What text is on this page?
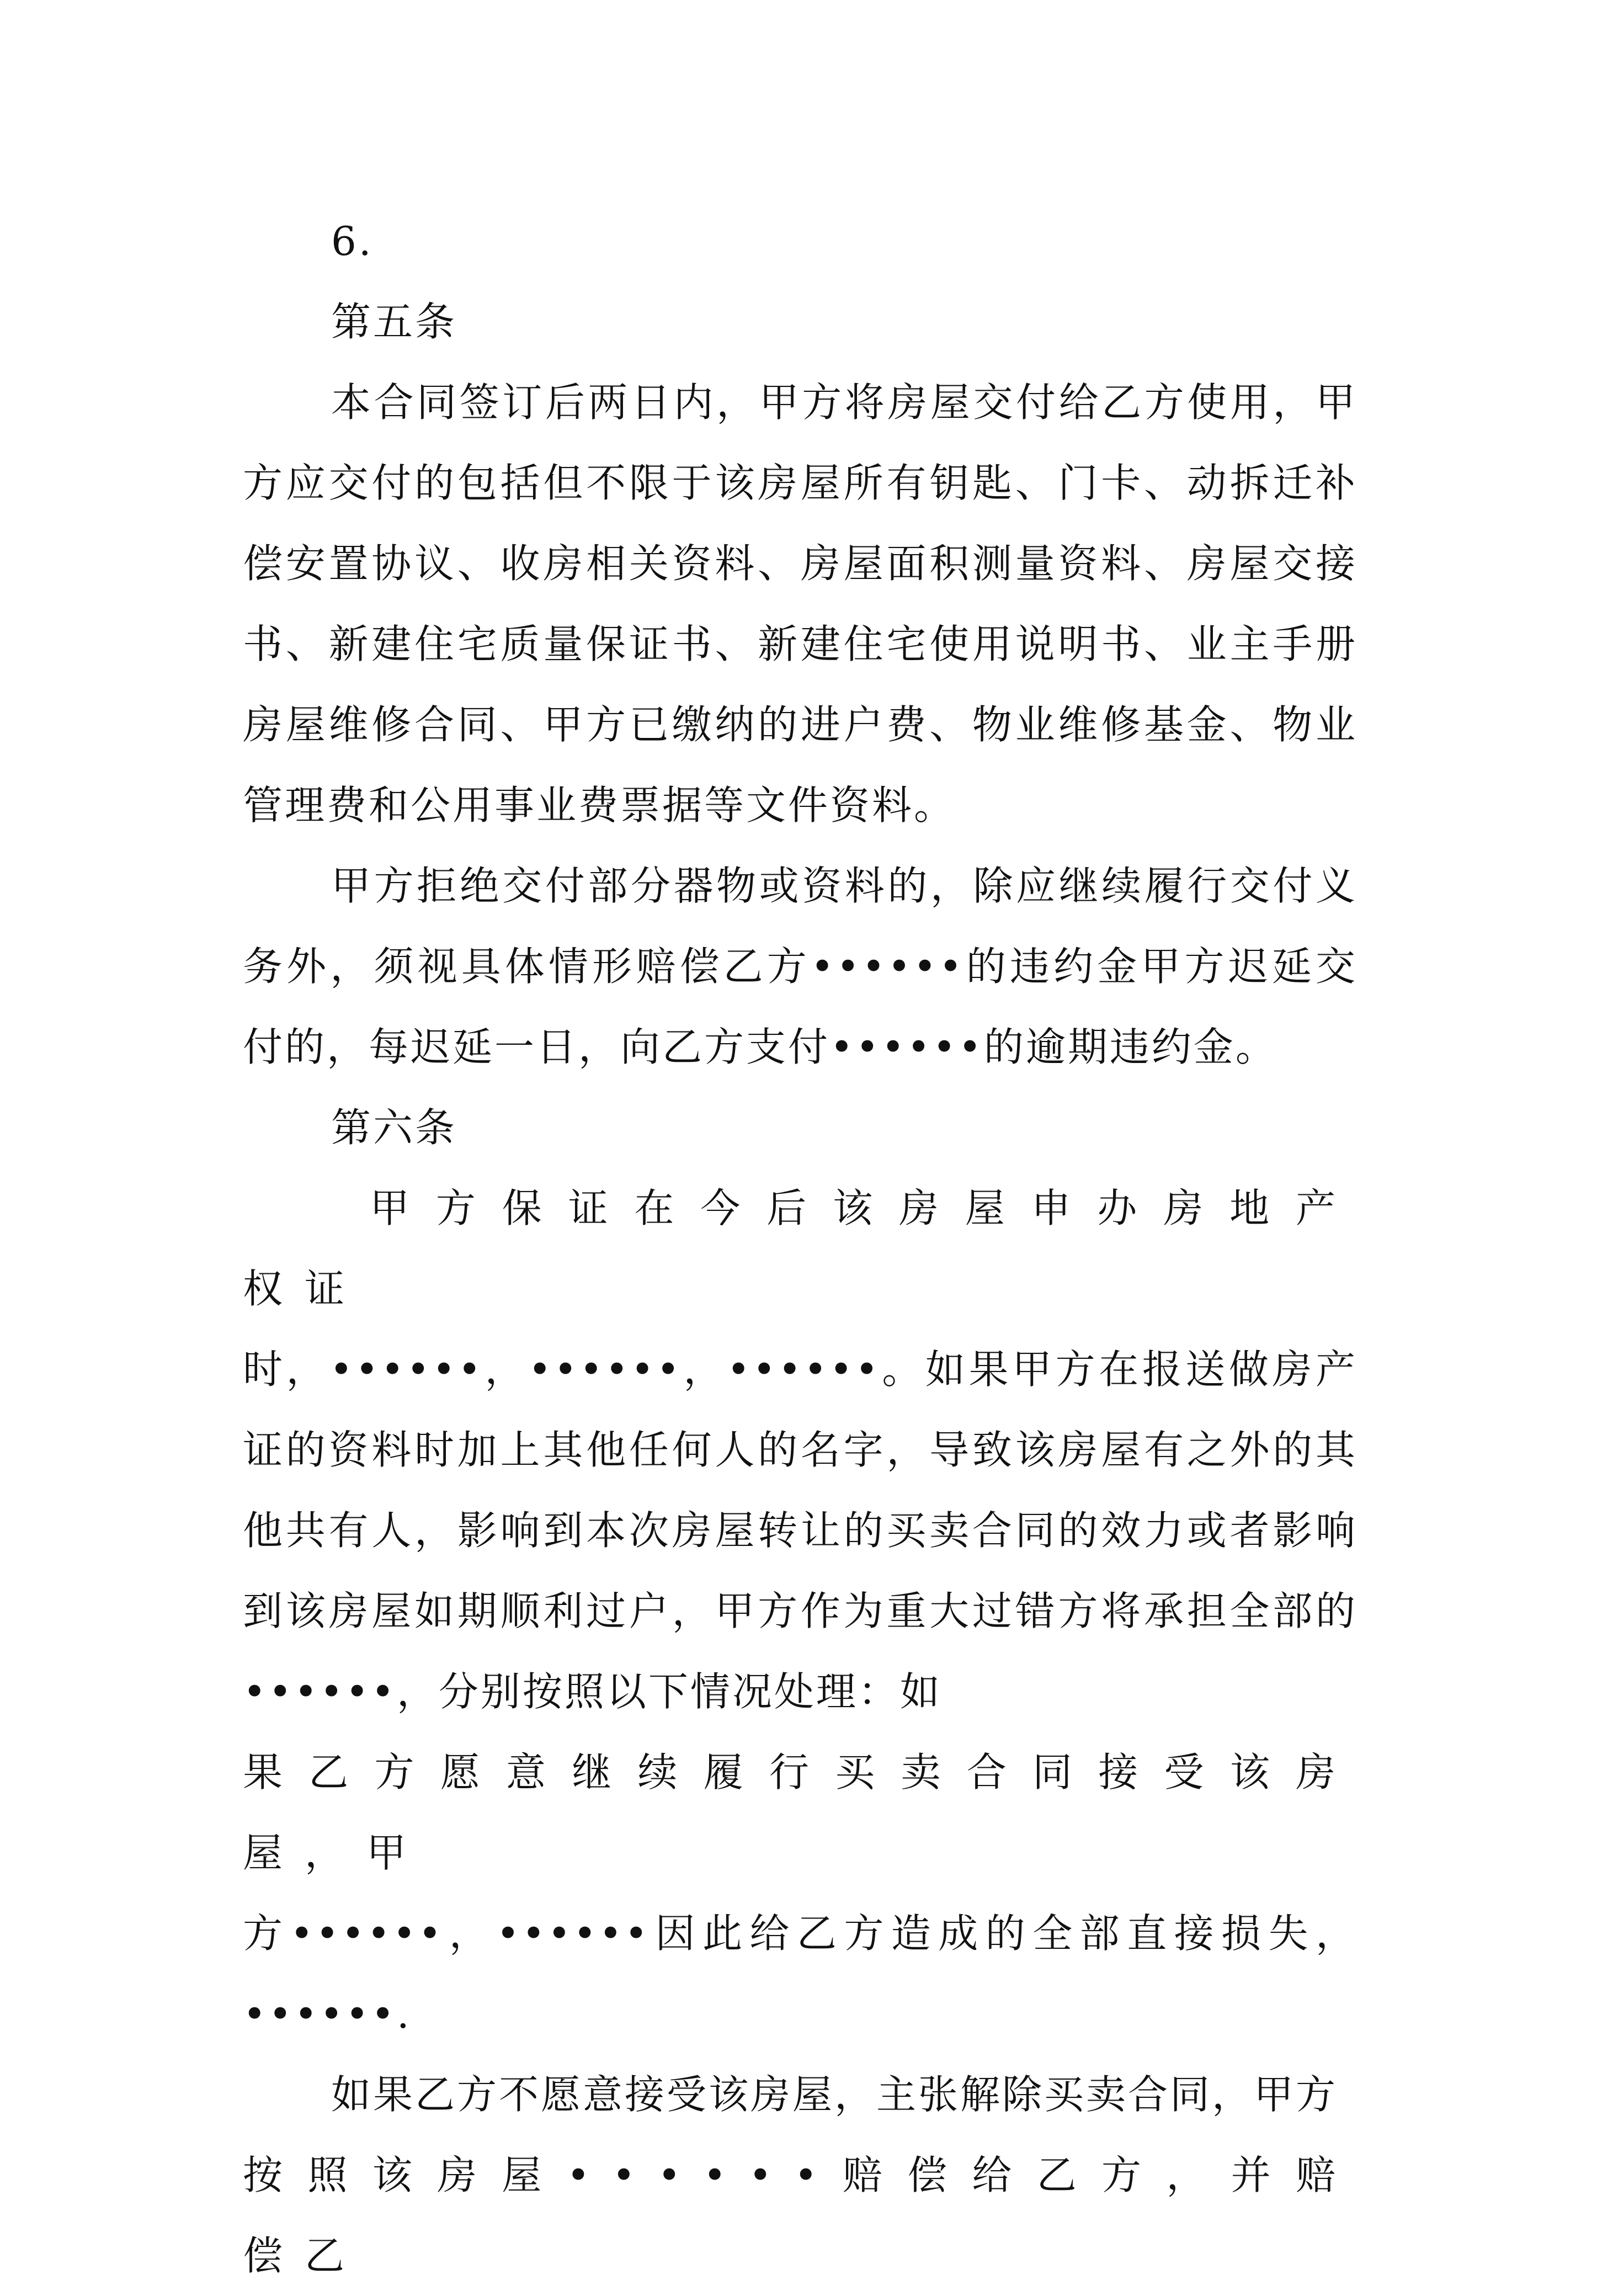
6.

第五条

本合同签订后两日内，甲方将房屋交付给乙方使用，甲方应交付的包括但不限于该房屋所有钥匙、门卡、动拆迁补偿安置协议、收房相关资料、房屋面积测量资料、房屋交接书、新建住宅质量保证书、新建住宅使用说明书、业主手册房屋维修合同、甲方已缴纳的进户费、物业维修基金、物业管理费和公用事业费票据等文件资料。

甲方拒绝交付部分器物或资料的，除应继续履行交付义务外，须视具体情形赔偿乙方••••••的违约金甲方迟延交付的，每迟延一日，向乙方支付••••••的逾期违约金。

第六条

甲方保证在今后该房屋申办房地产权证

时，••••••，••••••，••••••。如果甲方在报送做房产证的资料时加上其他任何人的名字，导致该房屋有之外的其他共有人，影响到本次房屋转让的买卖合同的效力或者影响到该房屋如期顺利过户，甲方作为重大过错方将承担全部的••••••，分别按照以下情况处理：如

果乙方愿意继续履行买卖合同接受该房屋，甲

方••••••，••••••因此给乙方造成的全部直接损失，••••••.

如果乙方不愿意接受该房屋，主张解除买卖合同，甲方

按照该房屋••••••赔偿给乙方，并赔偿乙
